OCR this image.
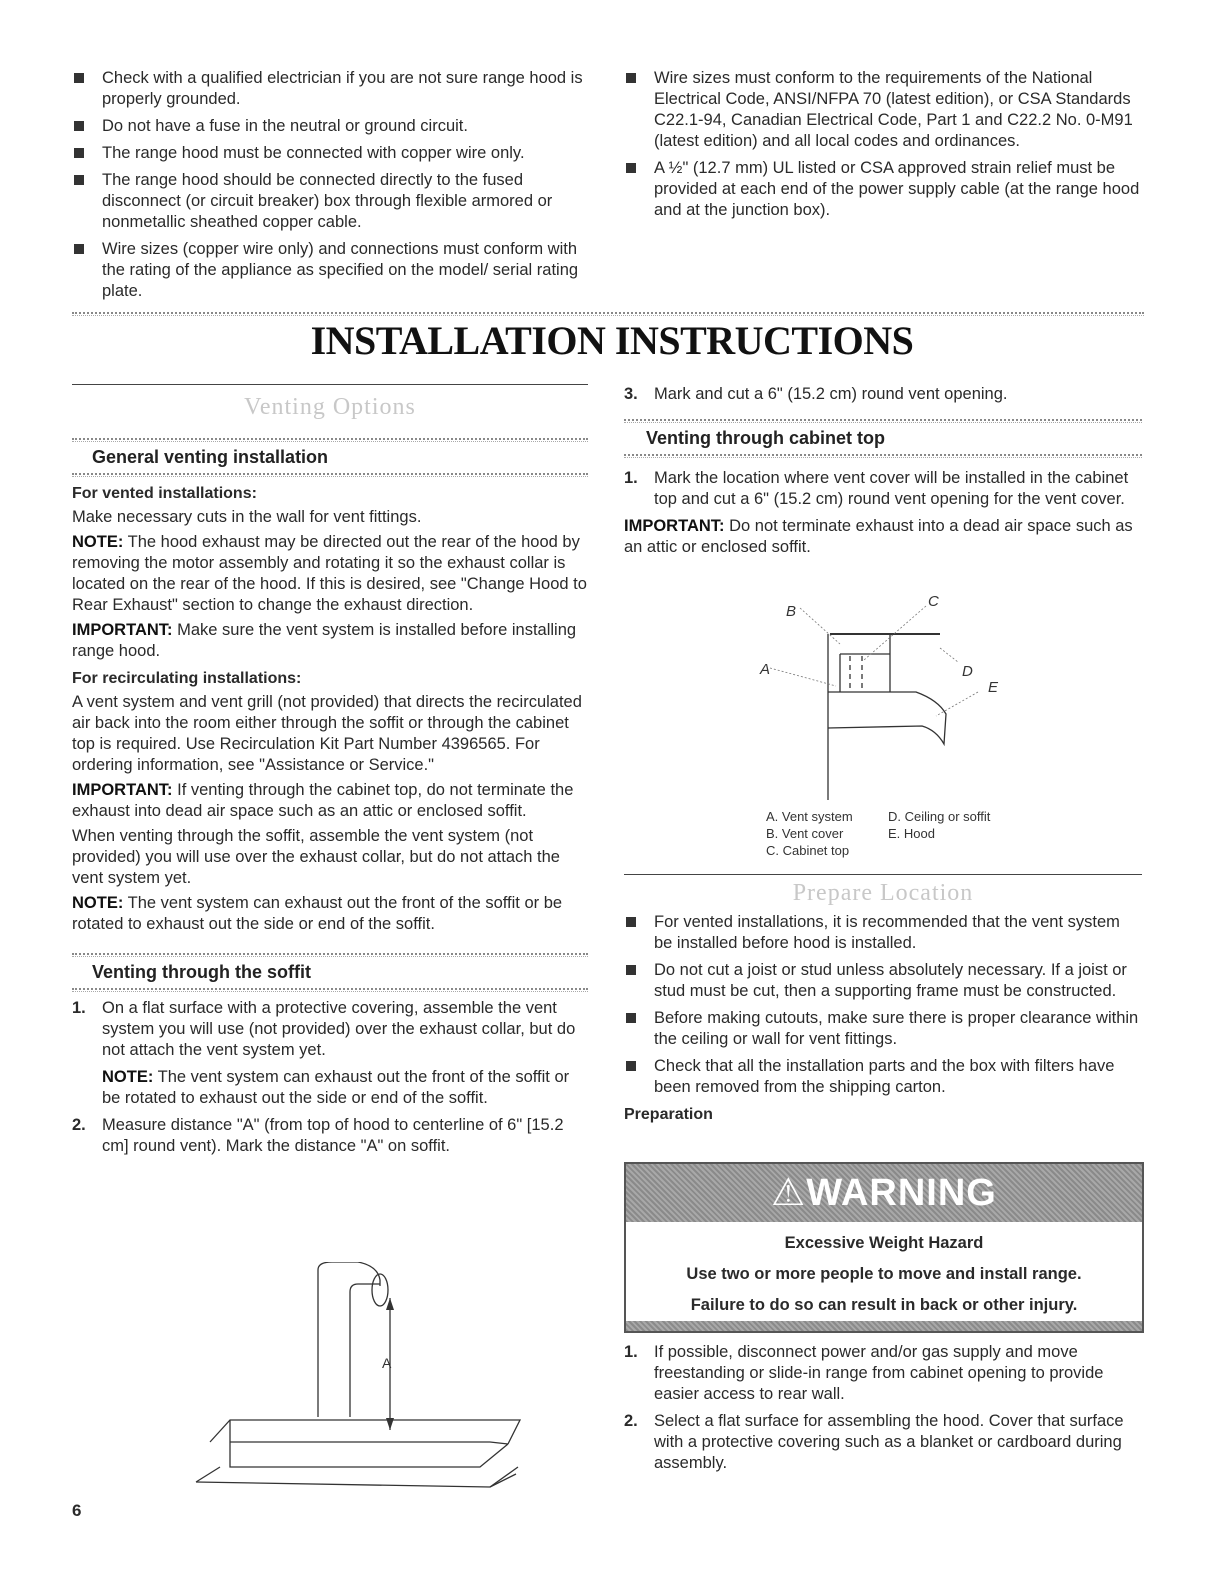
Check with a qualified electrician if you are not sure range hood is properly grounded.
Do not have a fuse in the neutral or ground circuit.
The range hood must be connected with copper wire only.
The range hood should be connected directly to the fused disconnect (or circuit breaker) box through flexible armored or nonmetallic sheathed copper cable.
Wire sizes (copper wire only) and connections must conform with the rating of the appliance as specified on the model/ serial rating plate.
Wire sizes must conform to the requirements of the National Electrical Code, ANSI/NFPA 70 (latest edition), or CSA Standards C22.1-94, Canadian Electrical Code, Part 1 and C22.2 No. 0-M91 (latest edition) and all local codes and ordinances.
A ½" (12.7 mm) UL listed or CSA approved strain relief must be provided at each end of the power supply cable (at the range hood and at the junction box).
INSTALLATION INSTRUCTIONS
Venting Options
General venting installation
For vented installations:
Make necessary cuts in the wall for vent fittings.
NOTE: The hood exhaust may be directed out the rear of the hood by removing the motor assembly and rotating it so the exhaust collar is located on the rear of the hood. If this is desired, see "Change Hood to Rear Exhaust" section to change the exhaust direction.
IMPORTANT: Make sure the vent system is installed before installing range hood.
For recirculating installations:
A vent system and vent grill (not provided) that directs the recirculated air back into the room either through the soffit or through the cabinet top is required. Use Recirculation Kit Part Number 4396565. For ordering information, see "Assistance or Service."
IMPORTANT: If venting through the cabinet top, do not terminate the exhaust into dead air space such as an attic or enclosed soffit.
When venting through the soffit, assemble the vent system (not provided) you will use over the exhaust collar, but do not attach the vent system yet.
NOTE: The vent system can exhaust out the front of the soffit or be rotated to exhaust out the side or end of the soffit.
Venting through the soffit
1. On a flat surface with a protective covering, assemble the vent system you will use (not provided) over the exhaust collar, but do not attach the vent system yet.
NOTE: The vent system can exhaust out the front of the soffit or be rotated to exhaust out the side or end of the soffit.
2. Measure distance "A" (from top of hood to centerline of 6" [15.2 cm] round vent). Mark the distance "A" on soffit.
A
6
3. Mark and cut a 6" (15.2 cm) round vent opening.
Venting through cabinet top
1. Mark the location where vent cover will be installed in the cabinet top and cut a 6" (15.2 cm) round vent opening for the vent cover.
IMPORTANT: Do not terminate exhaust into a dead air space such as an attic or enclosed soffit.
A
B
C
D
E
A. Vent system
B. Vent cover
C. Cabinet top
D. Ceiling or soffit
E. Hood
Prepare Location
For vented installations, it is recommended that the vent system be installed before hood is installed.
Do not cut a joist or stud unless absolutely necessary. If a joist or stud must be cut, then a supporting frame must be constructed.
Before making cutouts, make sure there is proper clearance within the ceiling or wall for vent fittings.
Check that all the installation parts and the box with filters have been removed from the shipping carton.
Preparation
⚠ WARNING
Excessive Weight Hazard
Use two or more people to move and install range.
Failure to do so can result in back or other injury.
1. If possible, disconnect power and/or gas supply and move freestanding or slide-in range from cabinet opening to provide easier access to rear wall.
2. Select a flat surface for assembling the hood. Cover that surface with a protective covering such as a blanket or cardboard during assembly.
